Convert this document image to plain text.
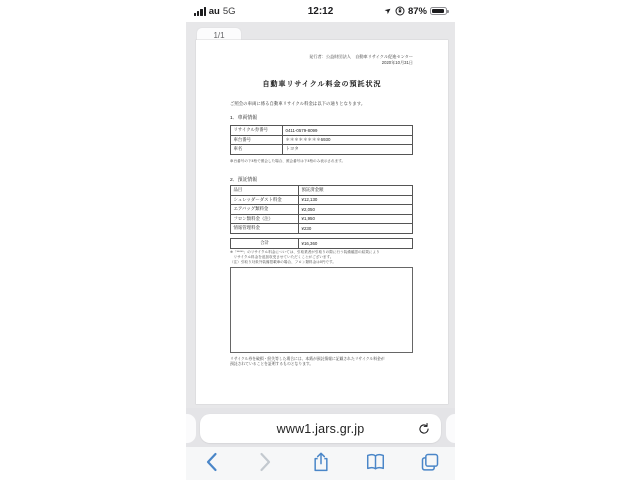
au 5G	12:12	➤ 87%
1/1
発行者：公益財団法人　自動車リサイクル促進センター
2020年10月31日
自動車リサイクル料金の預託状況
ご照会の車両に係る自動車リサイクル料金は以下の通りとなります。
1．車両情報
リサイクル券番号	0411-0579-8099
車台番号	＊＊＊＊＊＊＊＊6930
車名	トヨタ
車台番号の下4桁で照会した場合、照会番号は下4桁のみ表示されます。
2．預託情報
品目	預託済金額
シュレッダーダスト料金	¥12,130
エアバッグ類料金	¥2,050
フロン類料金（注）	¥1,950
情報管理料金	¥230
合計	¥16,360
※「*****」のリサイクル料金については、引取業者が引取りの際に行う装備確認の結果により
　リサイクル料金を追加収受させていただくことがございます。
（注）引取り対象外装備搭載車の場合、フロン類料金は0円です。
リサイクル券を破損・紛失等した場合には、本紙が預託情報に記載されたリサイクル料金が
預託されていることを証明するものとなります。
www1.jars.gr.jp
